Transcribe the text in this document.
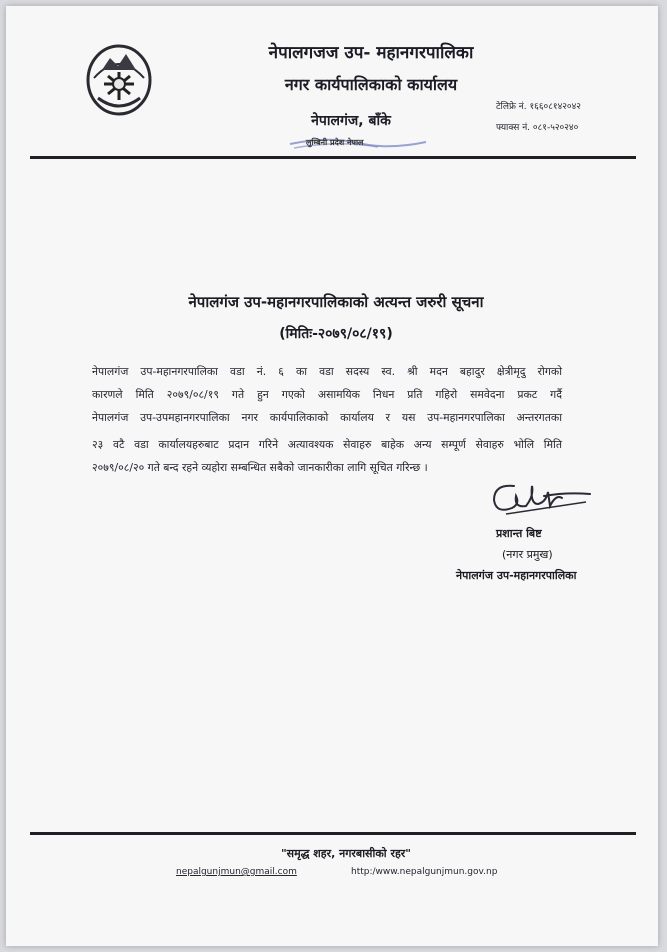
नेपालगजज उप- महानगरपालिका
नगर कार्यपालिकाको कार्यालय
नेपालगंज, बाँके
लुम्बिनी प्रदेश नेपाल
टेलिफ्रे नं. १६६०८१४२०४२
फ्याक्स नं. ०८१-५२०२४०
नेपालगंज उप-महानगरपालिकाको अत्यन्त जरुरी सूचना
(मितिः-२०७९/०८/१९)
नेपालगंज उप-महानगरपालिका वडा नं. ६ का वडा सदस्य स्व. श्री मदन बहादुर क्षेत्रीमृदु रोगको
कारणले मिति २०७९/०८/१९ गते हुन गएको असामयिक निधन प्रति गहिरो समवेदना प्रकट गर्दै
नेपालगंज उप-उपमहानगरपालिका नगर कार्यपालिकाको कार्यालय र यस उप-महानगरपालिका अन्तरगतका
२३ वटै वडा कार्यालयहरुबाट प्रदान गरिने अत्यावश्यक सेवाहरु बाहेक अन्य सम्पूर्ण सेवाहरु भोलि मिति
२०७९/०८/२० गते बन्द रहने व्यहोरा सम्बन्धित सबैको जानकारीका लागि सूचित गरिन्छ ।
प्रशान्त बिष्ट
(नगर प्रमुख)
नेपालगंज उप-महानगरपालिका
"समृद्ध शहर, नगरबासीको रहर"
nepalgunjmun@gmail.com	http:/www.nepalgunjmun.gov.np
